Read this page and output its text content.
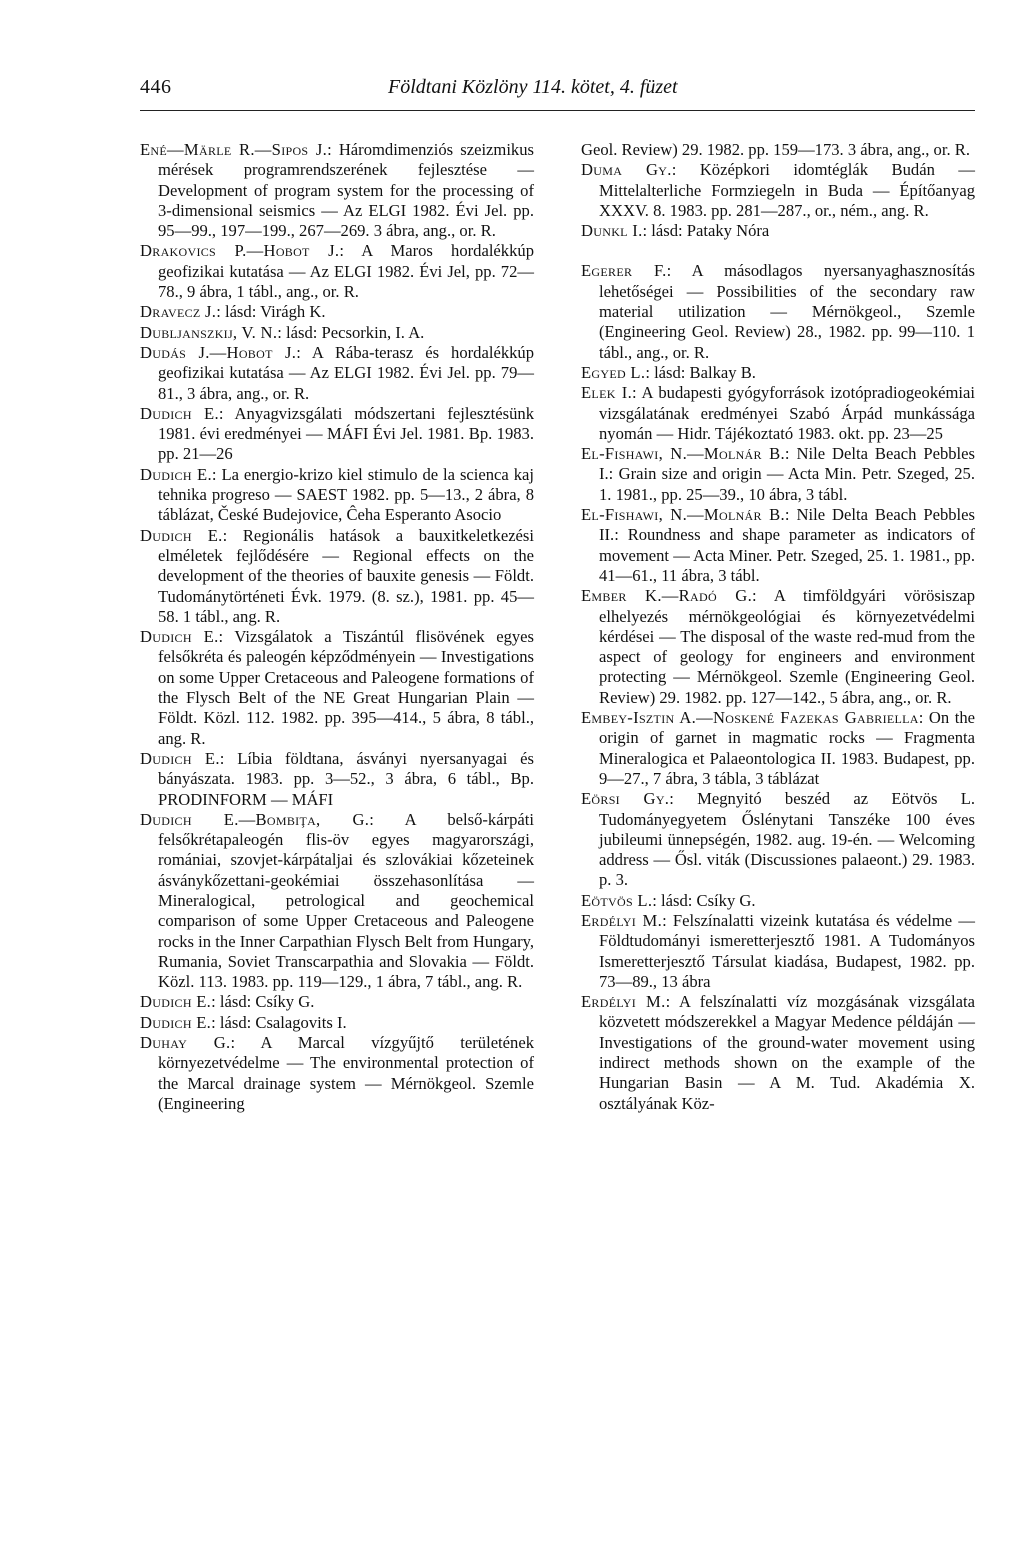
446	Földtani Közlöny 114. kötet, 4. füzet

Ené—Märle R.—Sipos J.: Háromdimenziós szeizmikus mérések programrendszerének fejlesztése — Development of program system for the processing of 3-dimensional seismics — Az ELGI 1982. Évi Jel. pp. 95—99., 197—199., 267—269. 3 ábra, ang., or. R.

Drakovics P.—Hobot J.: A Maros hordalékkúp geofizikai kutatása — Az ELGI 1982. Évi Jel, pp. 72—78., 9 ábra, 1 tábl., ang., or. R.

Dravecz J.: lásd: Virágh K.

Dubljanszkij, V. N.: lásd: Pecsorkin, I. A.

Dudás J.—Hobot J.: A Rába-terasz és hordalékkúp geofizikai kutatása — Az ELGI 1982. Évi Jel. pp. 79—81., 3 ábra, ang., or. R.

Dudich E.: Anyagvizsgálati módszertani fejlesztésünk 1981. évi eredményei — MÁFI Évi Jel. 1981. Bp. 1983. pp. 21—26

Dudich E.: La energio-krizo kiel stimulo de la scienca kaj tehnika progreso — SAEST 1982. pp. 5—13., 2 ábra, 8 táblázat, České Budejovice, Ĉeha Esperanto Asocio

Dudich E.: Regionális hatások a bauxitkeletkezési elméletek fejlődésére — Regional effects on the development of the theories of bauxite genesis — Földt. Tudománytörténeti Évk. 1979. (8. sz.), 1981. pp. 45—58. 1 tábl., ang. R.

Dudich E.: Vizsgálatok a Tiszántúl flisövének egyes felsőkréta és paleogén képződményein — Investigations on some Upper Cretaceous and Paleogene formations of the Flysch Belt of the NE Great Hungarian Plain — Földt. Közl. 112. 1982. pp. 395—414., 5 ábra, 8 tábl., ang. R.

Dudich E.: Líbia földtana, ásványi nyersanyagai és bányászata. 1983. pp. 3—52., 3 ábra, 6 tábl., Bp. PRODINFORM — MÁFI

Dudich E.—Bombiţa, G.: A belső-kárpáti felsőkrétapaleogén flis-öv egyes magyarországi, romániai, szovjet-kárpátaljai és szlovákiai kőzeteinek ásványkőzettani-geokémiai összehasonlítása — Mineralogical, petrological and geochemical comparison of some Upper Cretaceous and Paleogene rocks in the Inner Carpathian Flysch Belt from Hungary, Rumania, Soviet Transcarpathia and Slovakia — Földt. Közl. 113. 1983. pp. 119—129., 1 ábra, 7 tábl., ang. R.

Dudich E.: lásd: Csíky G.

Dudich E.: lásd: Csalagovits I.

Duhay G.: A Marcal vízgyűjtő területének környezetvédelme — The environmental protection of the Marcal drainage system — Mérnökgeol. Szemle (Engineering

Geol. Review) 29. 1982. pp. 159—173. 3 ábra, ang., or. R.

Duma Gy.: Középkori idomtéglák Budán — Mittelalterliche Formziegeln in Buda — Építőanyag XXXV. 8. 1983. pp. 281—287., or., ném., ang. R.

Dunkl I.: lásd: Pataky Nóra

Egerer F.: A másodlagos nyersanyaghasznosítás lehetőségei — Possibilities of the secondary raw material utilization — Mérnökgeol., Szemle (Engineering Geol. Review) 28., 1982. pp. 99—110. 1 tábl., ang., or. R.

Egyed L.: lásd: Balkay B.

Elek I.: A budapesti gyógyforrások izotópradiogeokémiai vizsgálatának eredményei Szabó Árpád munkássága nyomán — Hidr. Tájékoztató 1983. okt. pp. 23—25

El-Fishawi, N.—Molnár B.: Nile Delta Beach Pebbles I.: Grain size and origin — Acta Min. Petr. Szeged, 25. 1. 1981., pp. 25—39., 10 ábra, 3 tábl.

El-Fishawi, N.—Molnár B.: Nile Delta Beach Pebbles II.: Roundness and shape parameter as indicators of movement — Acta Miner. Petr. Szeged, 25. 1. 1981., pp. 41—61., 11 ábra, 3 tábl.

Ember K.—Radó G.: A timföldgyári vörösiszap elhelyezés mérnökgeológiai és környezetvédelmi kérdései — The disposal of the waste red-mud from the aspect of geology for engineers and environment protecting — Mérnökgeol. Szemle (Engineering Geol. Review) 29. 1982. pp. 127—142., 5 ábra, ang., or. R.

Embey-Isztin A.—Noskené Fazekas Gabriella: On the origin of garnet in magmatic rocks — Fragmenta Mineralogica et Palaeontologica II. 1983. Budapest, pp. 9—27., 7 ábra, 3 tábla, 3 táblázat

Eörsi Gy.: Megnyitó beszéd az Eötvös L. Tudományegyetem Őslénytani Tanszéke 100 éves jubileumi ünnepségén, 1982. aug. 19-én. — Welcoming address — Ősl. viták (Discussiones palaeont.) 29. 1983. p. 3.

Eötvös L.: lásd: Csíky G.

Erdélyi M.: Felszínalatti vizeink kutatása és védelme — Földtudományi ismeretterjesztő 1981. A Tudományos Ismeretterjesztő Társulat kiadása, Budapest, 1982. pp. 73—89., 13 ábra

Erdélyi M.: A felszínalatti víz mozgásának vizsgálata közvetett módszerekkel a Magyar Medence példáján — Investigations of the ground-water movement using indirect methods shown on the example of the Hungarian Basin — A M. Tud. Akadémia X. osztályának Köz-
